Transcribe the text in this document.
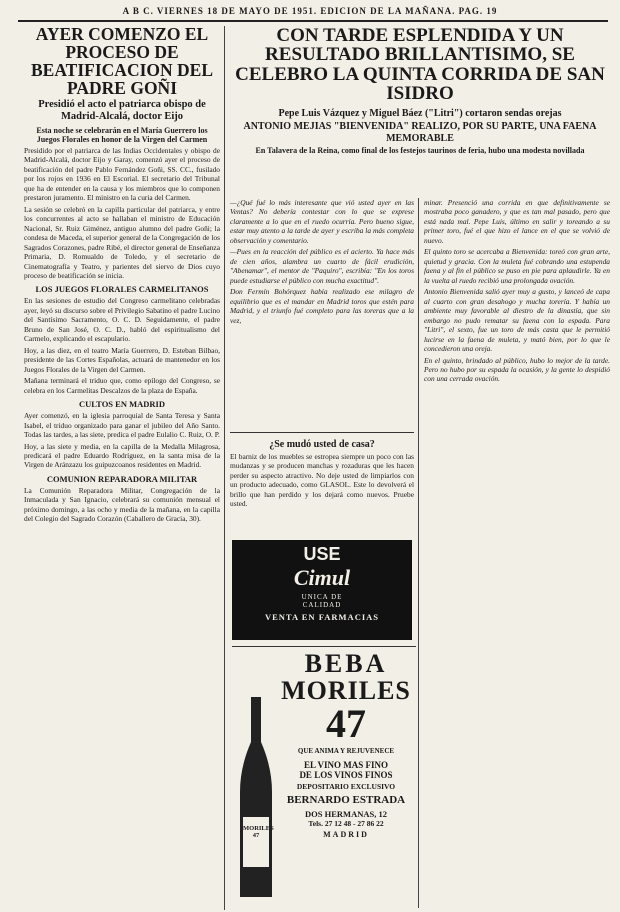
A B C. VIERNES 18 DE MAYO DE 1951. EDICION DE LA MAÑANA. PAG. 19

AYER COMENZO EL PROCESO DE BEATIFICACION DEL PADRE GOÑI

Presidió el acto el patriarca obispo de Madrid-Alcalá, doctor Eijo

Esta noche se celebrarán en el María Guerrero los Juegos Florales en honor de la Virgen del Carmen

Presidido por el patriarca de las Indias Occidentales y obispo de Madrid-Alcalá, doctor Eijo y Garay, comenzó ayer el proceso de beatificación del padre Pablo Fernández Goñi, SS. CC., fusilado por los rojos en 1936 en El Escorial. El secretario del Tribunal que ha de entender en la causa y los miembros que lo componen prestaron juramento. El ministro en la curia del Carmen.

La sesión se celebró en la capilla particular del patriarca, y entre los concurrentes al acto se hallaban el ministro de Educación Nacional, Sr. Ruiz Giménez, antiguo alumno del padre Goñi; la condesa de Maceda, el superior general de la Congregación de los Sagrados Corazones, padre Ribé, el director general de Enseñanza Primaria, D. Romualdo de Toledo, y el secretario de Cinematografía y Teatro, y parientes del siervo de Dios cuyo proceso de beatificación se inicia.

LOS JUEGOS FLORALES CARMELITANOS

En las sesiones de estudio del Congreso carmelitano celebradas ayer, leyó su discurso sobre el Privilegio Sabatino el padre Lucino del Santísimo Sacramento, O. C. D. Seguidamente, el padre Bruno de San José, O. C. D., habló del espiritualismo del Carmelo, explicando el escapulario.

Hoy, a las diez, en el teatro María Guerrero, D. Esteban Bilbao, presidente de las Cortes Españolas, actuará de mantenedor en los Juegos Florales de la Virgen del Carmen.

Mañana terminará el triduo que, como epílogo del Congreso, se celebra en los Carmelitas Descalzos de la plaza de España.

CULTOS EN MADRID

Ayer comenzó, en la iglesia parroquial de Santa Teresa y Santa Isabel, el triduo organizado para ganar el jubileo del Año Santo. Todas las tardes, a las siete, predica el padre Eulalio C. Ruiz, O. P.

Hoy, a las siete y media, en la capilla de la Medalla Milagrosa, predicará el padre Eduardo Rodríguez, en la santa misa de la Virgen de Aránzazu los guipuzcoanos residentes en Madrid.

COMUNION REPARADORA MILITAR

La Comunión Reparadora Militar, Congregación de la Inmaculada y San Ignacio, celebrará su comunión mensual el próximo domingo, a las ocho y media de la mañana, en la capilla del Colegio del Sagrado Corazón (Caballero de Gracia, 30).

CON TARDE ESPLENDIDA Y UN RESULTADO BRILLANTISIMO, SE CELEBRO LA QUINTA CORRIDA DE SAN ISIDRO

Pepe Luis Vázquez y Miguel Báez ("Litri") cortaron sendas orejas

ANTONIO MEJIAS "BIENVENIDA" REALIZO, POR SU PARTE, UNA FAENA MEMORABLE

En Talavera de la Reina, como final de los festejos taurinos de feria, hubo una modesta novillada

—¿Qué fué lo más interesante que vió usted ayer en las Ventas? No debería contestar con lo que se exprese claramente a lo que en el ruedo ocurría. Pero bueno sigue, estar muy atento a la tarde de ayer y escriba la más completa observación y comentario.

—Pues en la reacción del público es el acierto. Ya hace más de cien años, alambra un cuarto de fácil erudición, "Abenamar", el mentor de "Paquiro", escribía: "En los toros puede estudiarse el público con mucha exactitud".

Don Fermín Bohórquez había realizado ese milagro de equilibrio que es el mandar en Madrid toros que estén para Madrid, y el triunfo fué completo para las toreras que a la vez,

¿Se mudó usted de casa?

El barniz de los muebles se estropea siempre un poco con las mudanzas y se producen manchas y rozaduras que les hacen perder su aspecto atractivo. No deje usted de limpiarlos con un producto adecuado, como GLASOL. Este lo devolverá el brillo que han perdido y los dejará como nuevos. Pruebe usted.

USE
Cimul
UNICA DE
CALIDAD
VENTA EN FARMACIAS
MORILES 47
BEBA
MORILES
47
QUE ANIMA Y REJUVENECE
EL VINO MAS FINO
DE LOS VINOS FINOS
DEPOSITARIO EXCLUSIVO
BERNARDO ESTRADA
DOS HERMANAS, 12
Tels. 27 12 48 - 27 86 22
MADRID

minar. Presenció una corrida en que definitivamente se mostraba poco ganadero, y que es tan mal pasado, pero que está nada mal. Pepe Luis, último en salir y toreando a su primer toro, fué el que hizo el lance en el que se volvió de nuevo.

El quinto toro se acercaba a Bienvenida: toreó con gran arte, quietud y gracia. Con la muleta fué cobrando una estupenda faena y al fin el público se puso en pie para aplaudirle. Ya en la vuelta al ruedo recibió una prolongada ovación.

Antonio Bienvenida salió ayer muy a gusto, y lanceó de capa al cuarto con gran desahogo y mucha torería. Y había un ambiente muy favorable al diestro de la dinastía, que sin embargo no pudo rematar su faena con la espada. Para "Litri", el sexto, fue un toro de más casta que le permitió lucirse en la faena de muleta, y mató bien, por lo que le concedieron una oreja.

En el quinto, brindado al público, hubo lo mejor de la tarde. Pero no hubo por su espada la ocasión, y la gente lo despidió con una cerrada ovación.
